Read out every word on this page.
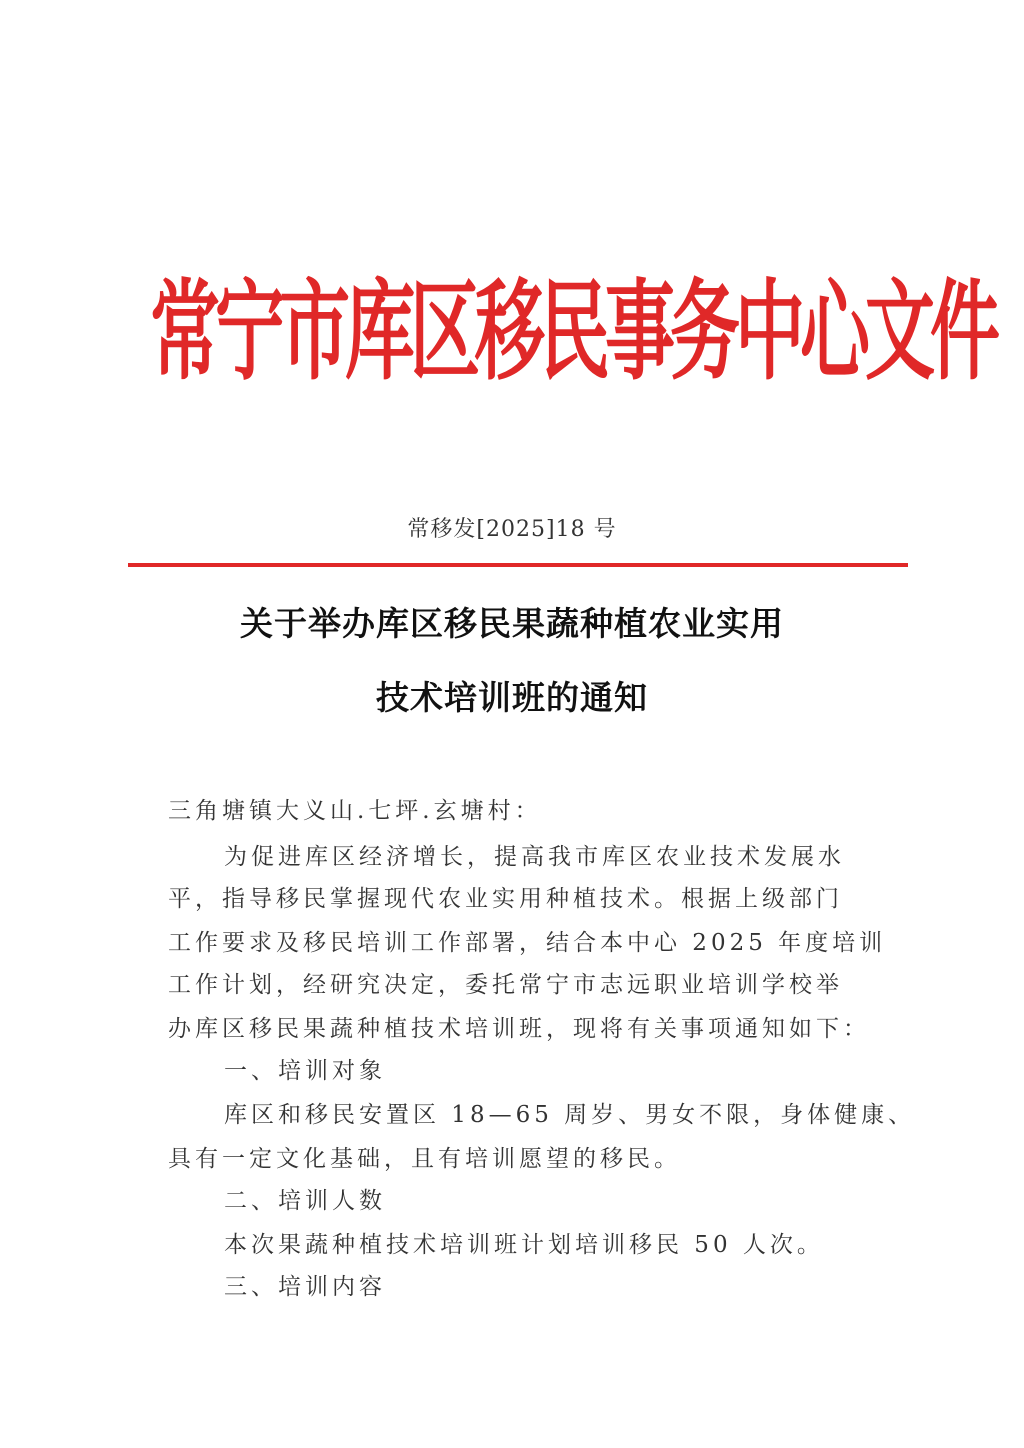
常宁市库区移民事务中心文件
常移发[2025]18 号
关于举办库区移民果蔬种植农业实用
技术培训班的通知
三角塘镇大义山.七坪.玄塘村：
为促进库区经济增长，提高我市库区农业技术发展水
平，指导移民掌握现代农业实用种植技术。根据上级部门
工作要求及移民培训工作部署，结合本中心 2025 年度培训
工作计划，经研究决定，委托常宁市志远职业培训学校举
办库区移民果蔬种植技术培训班，现将有关事项通知如下：
一、培训对象
库区和移民安置区 18—65 周岁、男女不限，身体健康、
具有一定文化基础，且有培训愿望的移民。
二、培训人数
本次果蔬种植技术培训班计划培训移民 50 人次。
三、培训内容
